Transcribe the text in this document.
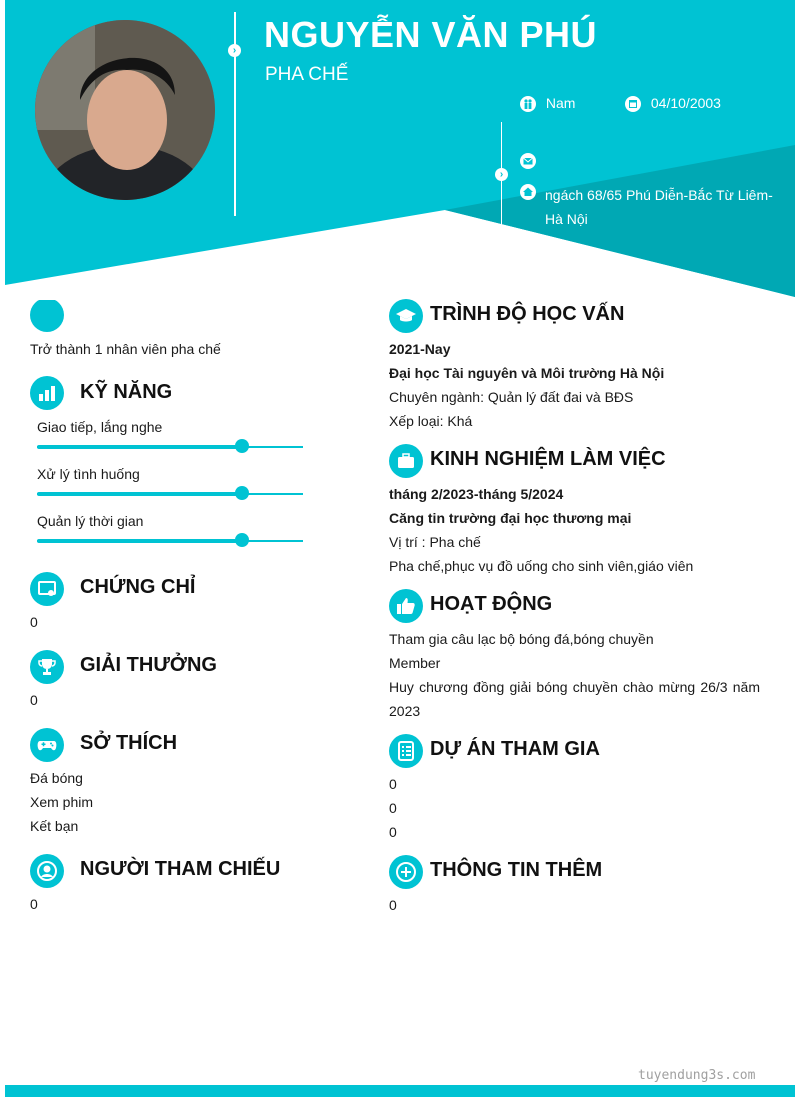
› NGUYỄN VĂN PHÚ
PHA CHẾ
›
Nam	04/10/2003
ngách 68/65 Phú Diễn-Bắc Từ Liêm-
Hà Nội
Trở thành 1 nhân viên pha chế
KỸ NĂNG
Giao tiếp, lắng nghe
Xử lý tình huống
Quản lý thời gian
CHỨNG CHỈ
0
GIẢI THƯỞNG
0
SỞ THÍCH
Đá bóng
Xem phim
Kết bạn
NGƯỜI THAM CHIẾU
0
TRÌNH ĐỘ HỌC VẤN
2021-Nay
Đại học Tài nguyên và Môi trường Hà Nội
Chuyên ngành: Quản lý đất đai và BĐS
Xếp loại: Khá
KINH NGHIỆM LÀM VIỆC
tháng 2/2023-tháng 5/2024
Căng tin trường đại học thương mại
Vị trí : Pha chế
Pha chế,phục vụ đồ uống cho sinh viên,giáo viên
HOẠT ĐỘNG
Tham gia câu lạc bộ bóng đá,bóng chuyền
Member
Huy chương đồng giải bóng chuyền chào mừng 26/3 năm
2023
DỰ ÁN THAM GIA
0
0
0
THÔNG TIN THÊM
0
tuyendung3s.com
